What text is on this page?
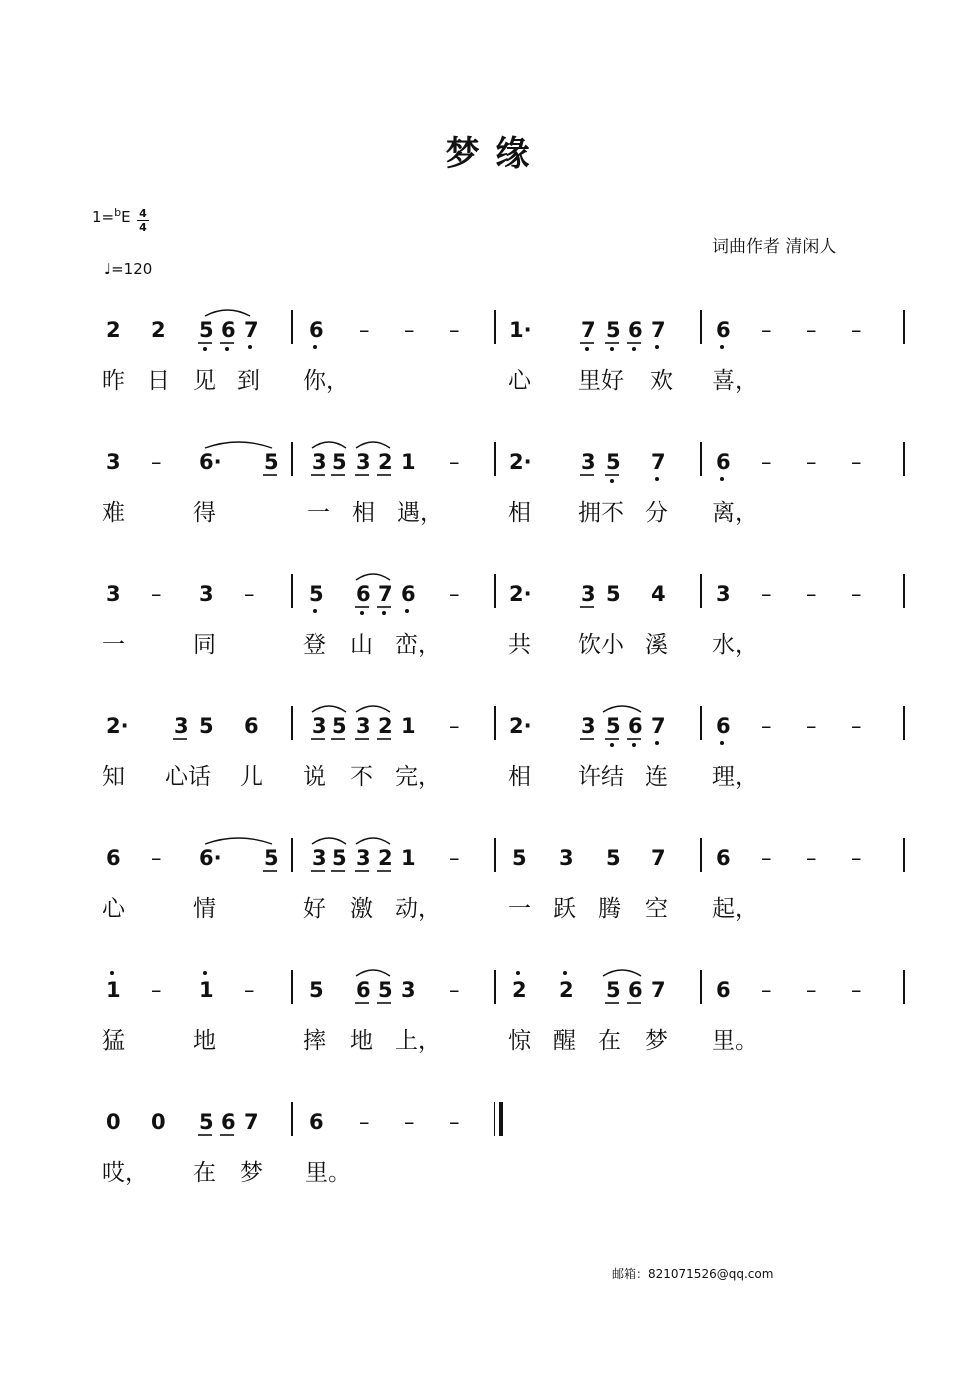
梦 缘
1=$^b$E 4
4
♩=120
词曲作者 清闲人
2 2 5 6 7 6 – – – 1· 7 5 6 7 6 – – –
昨 日 见 到 你，	心 里好 欢 喜，
3 – 6· 5 3 5 3 2 1 – 2· 3 5 7 6 – – –
难	得	一 相 遇，	相 拥不 分 离，
3 – 3 –	5 6 7 6 – 2· 3 5 4 3 – – –
一	同	登 山 峦，	共 饮小 溪 水，
2· 3 5 6	3 5 3 2 1 – 2· 3 5 6 7 6 – – –
知 心话 儿 说 不 完，	相 许结 连 理，
6 – 6· 5 3 5 3 2 1 –	5 3 5 7 6 – – –
心	情	好 激 动，	一 跃 腾 空 起，
1 – 1 –	5 6 5 3 –	2 2 5 6 7 6 – – –
猛	地	摔 地 上，	惊 醒 在 梦 里。
0 0 5 6 7 6 – – –
哎， 在 梦 里。
邮箱：821071526@qq.com
